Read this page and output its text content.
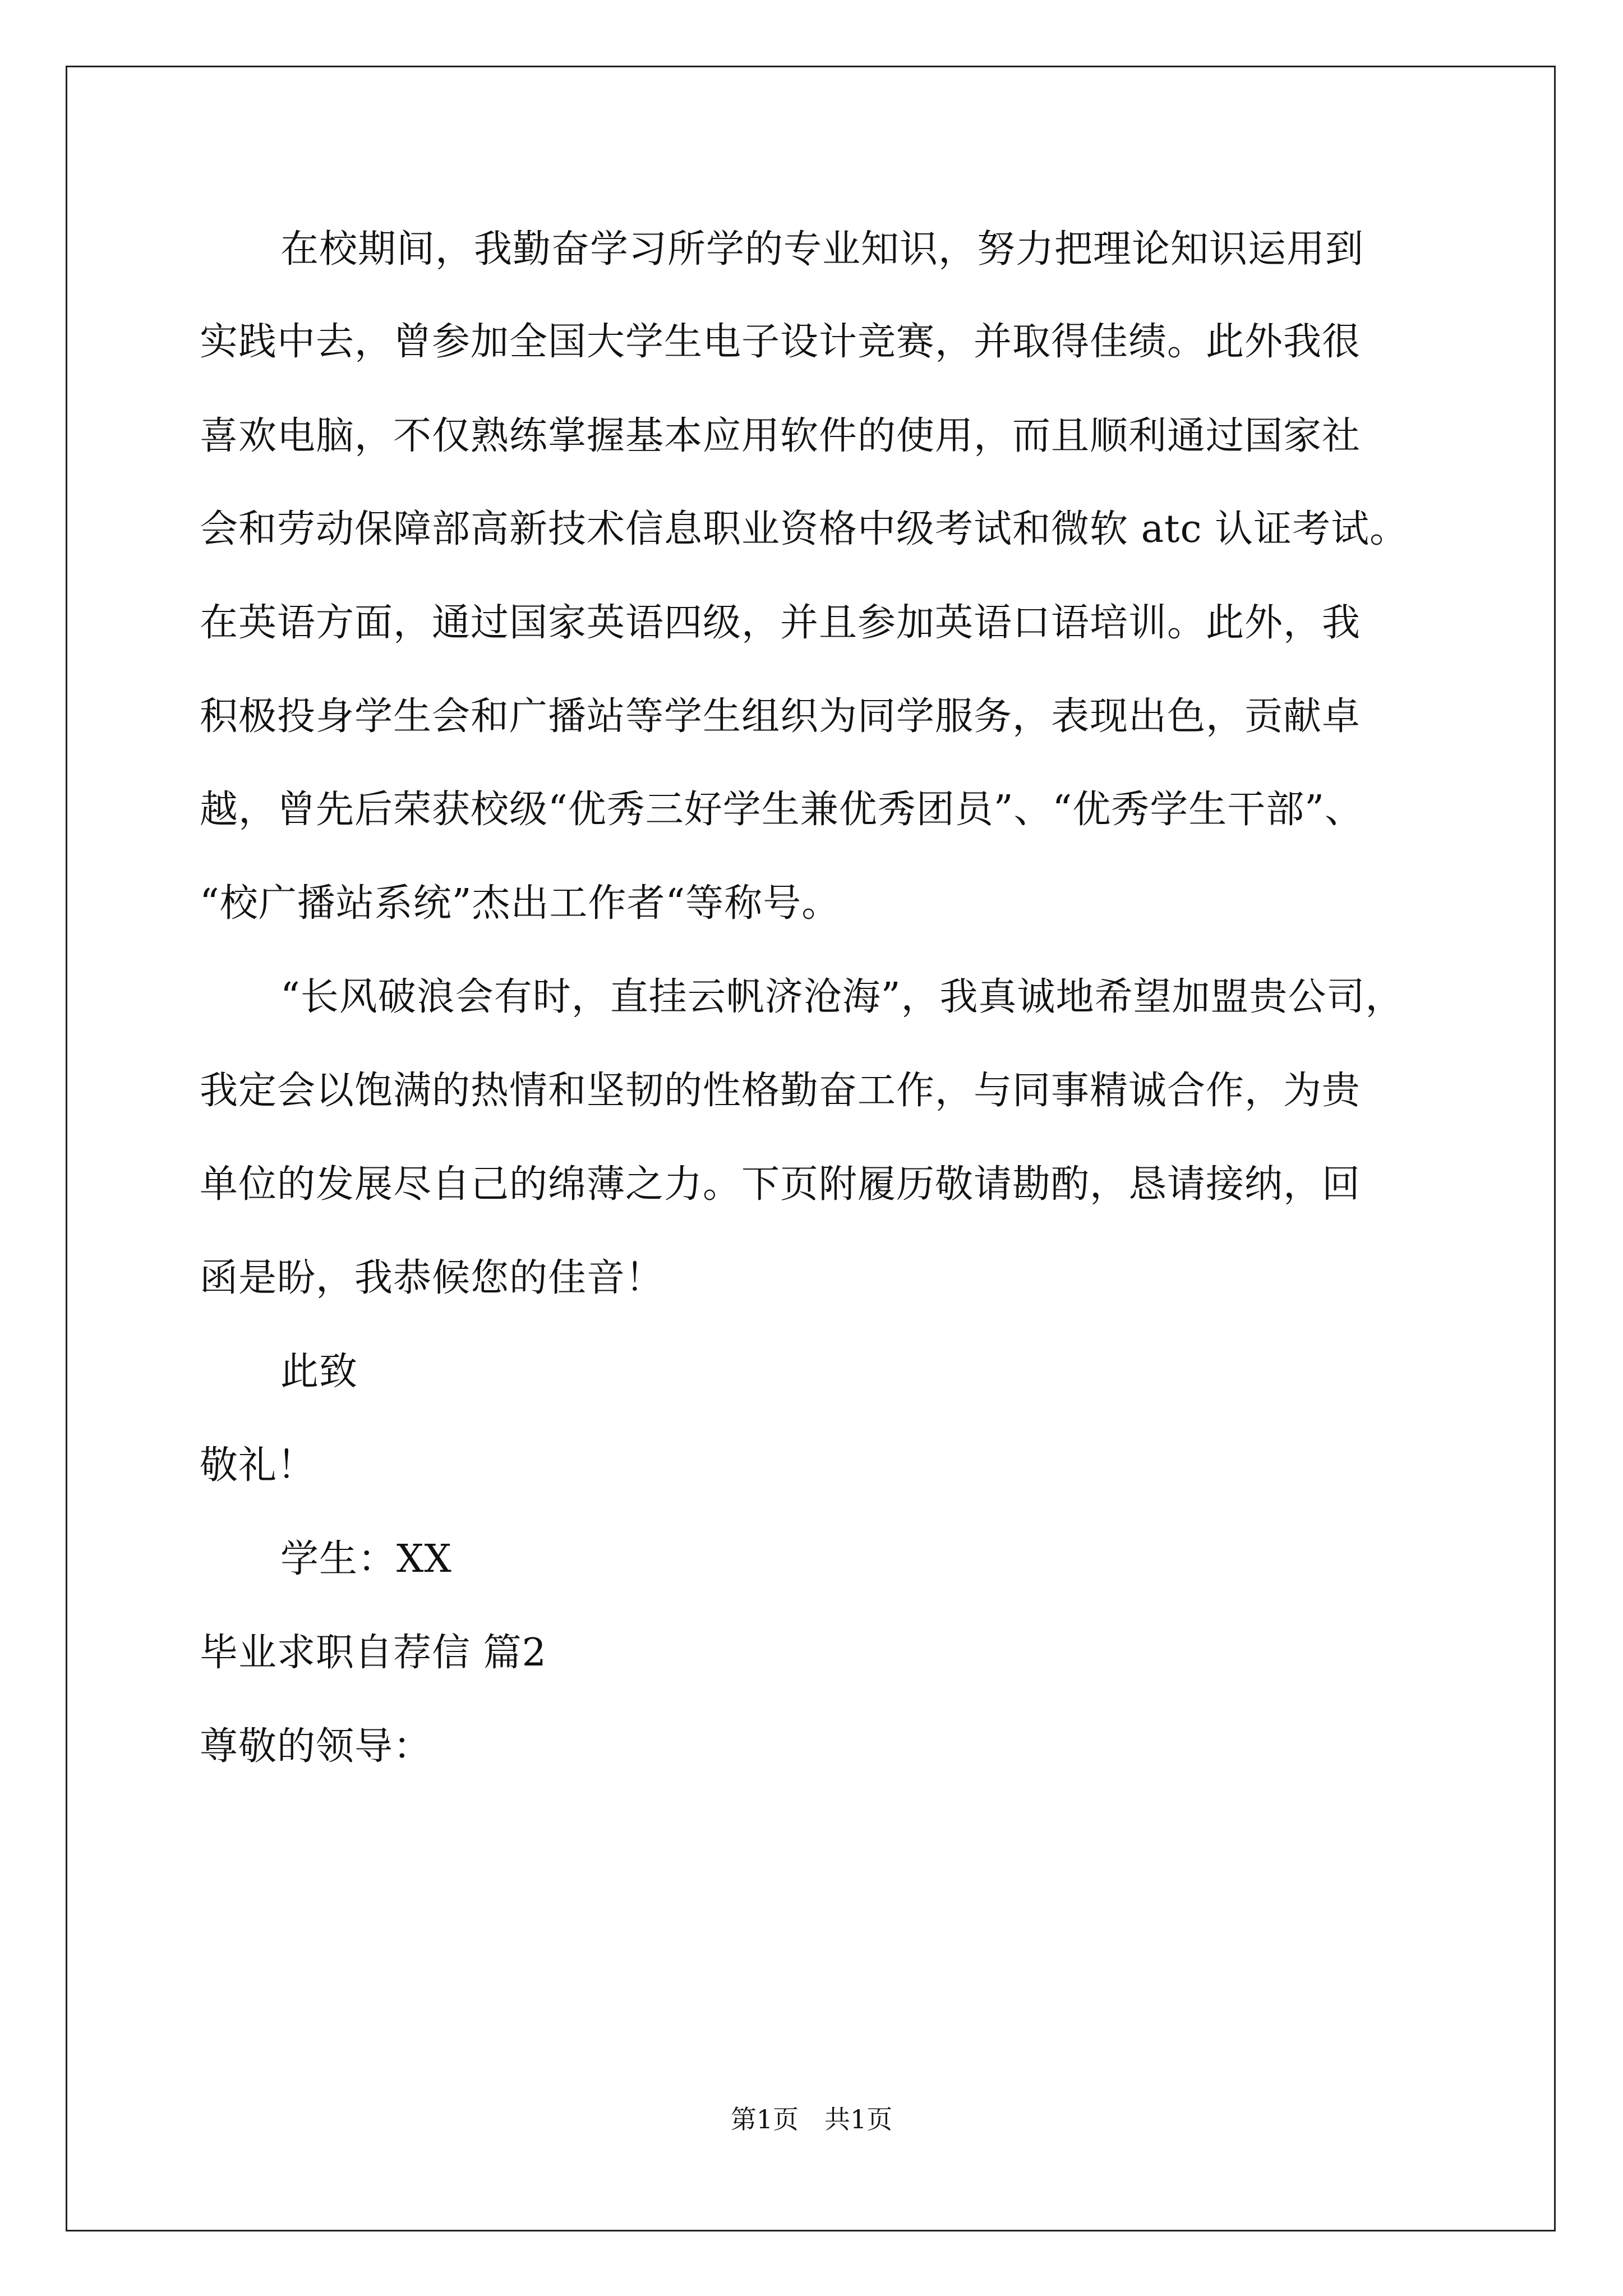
在校期间，我勤奋学习所学的专业知识，努力把理论知识运用到
实践中去，曾参加全国大学生电子设计竞赛，并取得佳绩。此外我很
喜欢电脑，不仅熟练掌握基本应用软件的使用，而且顺利通过国家社
会和劳动保障部高新技术信息职业资格中级考试和微软 atc 认证考试。
在英语方面，通过国家英语四级，并且参加英语口语培训。此外，我
积极投身学生会和广播站等学生组织为同学服务，表现出色，贡献卓
越，曾先后荣获校级“优秀三好学生兼优秀团员”、“优秀学生干部”、
“校广播站系统”杰出工作者“等称号。
“长风破浪会有时，直挂云帆济沧海”，我真诚地希望加盟贵公司，
我定会以饱满的热情和坚韧的性格勤奋工作，与同事精诚合作，为贵
单位的发展尽自己的绵薄之力。下页附履历敬请勘酌，恳请接纳，回
函是盼，我恭候您的佳音！
此致
敬礼！
学生：XX
毕业求职自荐信 篇2
尊敬的领导：
第1页　共1页
